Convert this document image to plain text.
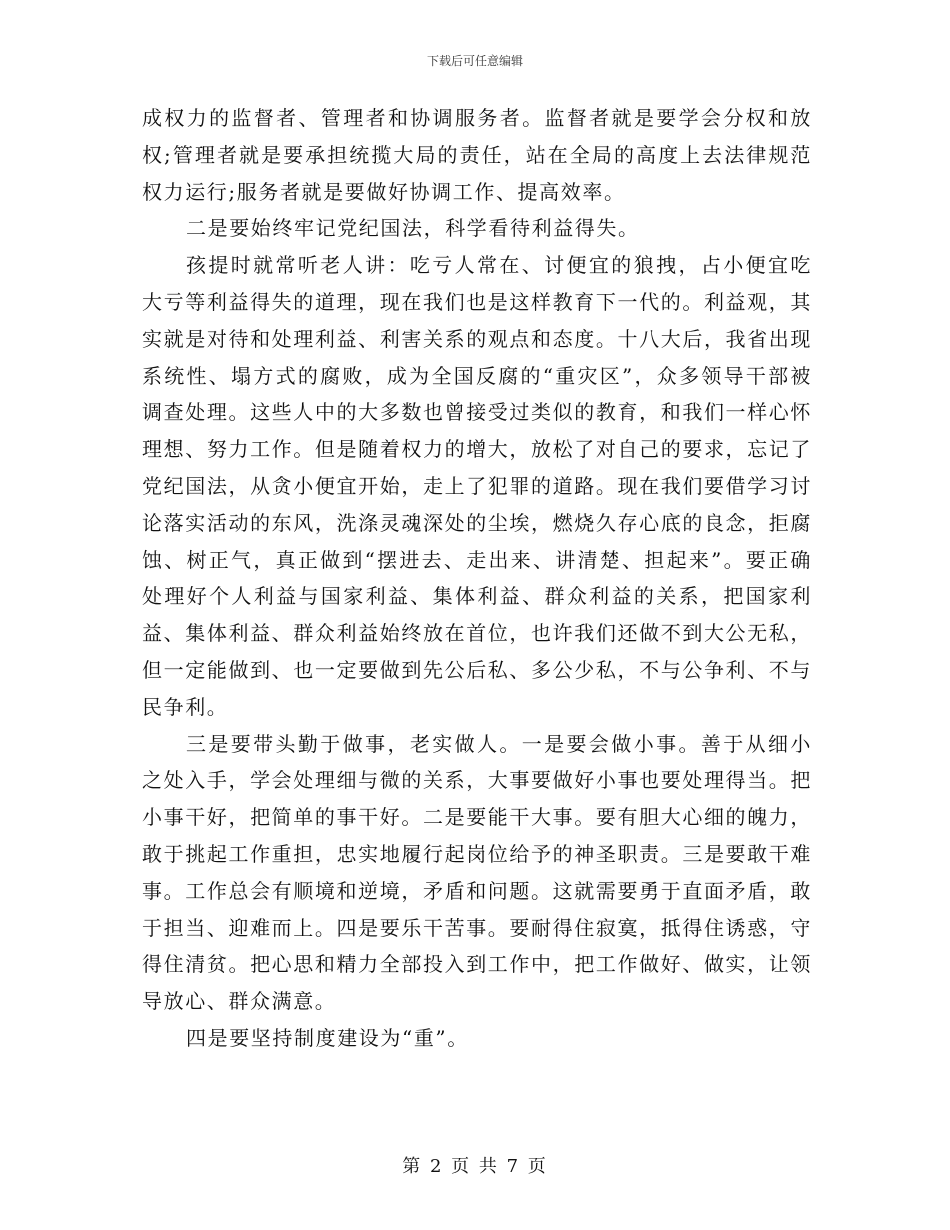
下载后可任意编辑

成权力的监督者、管理者和协调服务者。监督者就是要学会分权和放权;管理者就是要承担统揽大局的责任，站在全局的高度上去法律规范权力运行;服务者就是要做好协调工作、提高效率。

二是要始终牢记党纪国法，科学看待利益得失。

孩提时就常听老人讲：吃亏人常在、讨便宜的狼拽，占小便宜吃大亏等利益得失的道理，现在我们也是这样教育下一代的。利益观，其实就是对待和处理利益、利害关系的观点和态度。十八大后，我省出现系统性、塌方式的腐败，成为全国反腐的“重灾区”，众多领导干部被调查处理。这些人中的大多数也曾接受过类似的教育，和我们一样心怀理想、努力工作。但是随着权力的增大，放松了对自己的要求，忘记了党纪国法，从贪小便宜开始，走上了犯罪的道路。现在我们要借学习讨论落实活动的东风，洗涤灵魂深处的尘埃，燃烧久存心底的良念，拒腐蚀、树正气，真正做到“摆进去、走出来、讲清楚、担起来”。要正确处理好个人利益与国家利益、集体利益、群众利益的关系，把国家利益、集体利益、群众利益始终放在首位，也许我们还做不到大公无私，但一定能做到、也一定要做到先公后私、多公少私，不与公争利、不与民争利。

三是要带头勤于做事，老实做人。一是要会做小事。善于从细小之处入手，学会处理细与微的关系，大事要做好小事也要处理得当。把小事干好，把简单的事干好。二是要能干大事。要有胆大心细的魄力，敢于挑起工作重担，忠实地履行起岗位给予的神圣职责。三是要敢干难事。工作总会有顺境和逆境，矛盾和问题。这就需要勇于直面矛盾，敢于担当、迎难而上。四是要乐干苦事。要耐得住寂寞，抵得住诱惑，守得住清贫。把心思和精力全部投入到工作中，把工作做好、做实，让领导放心、群众满意。

四是要坚持制度建设为“重”。

第 2 页 共 7 页
